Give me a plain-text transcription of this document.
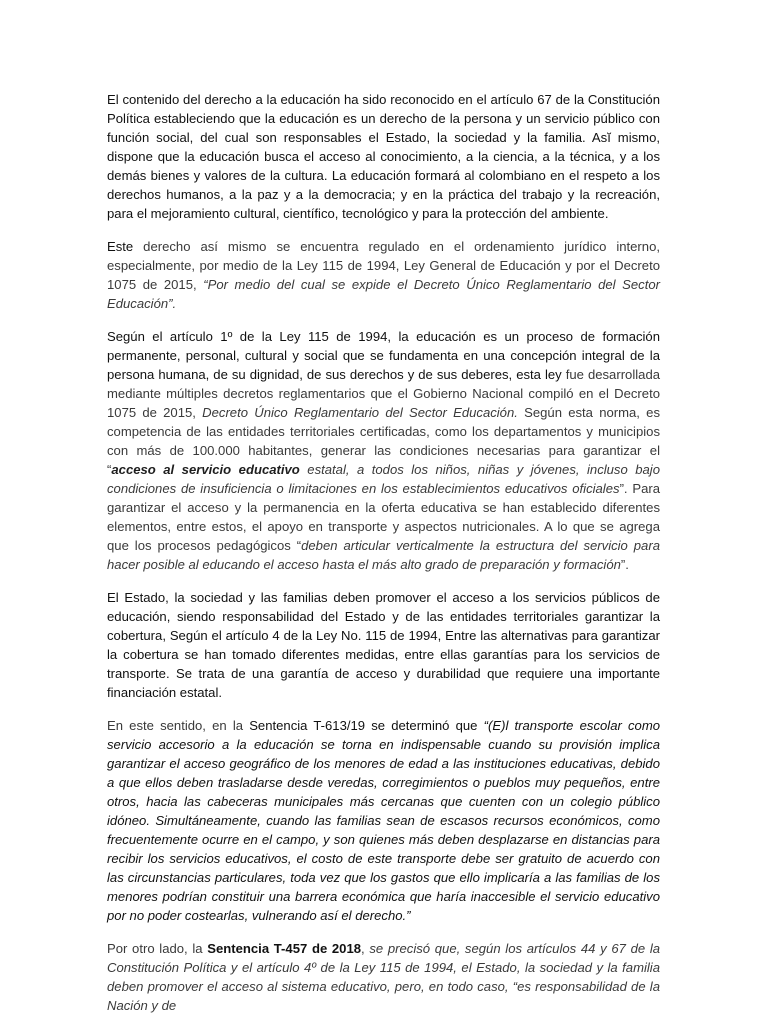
El contenido del derecho a la educación ha sido reconocido en el artículo 67 de la Constitución Política estableciendo que la educación es un derecho de la persona y un servicio público con función social, del cual son responsables el Estado, la sociedad y la familia. Asĭ mismo, dispone que la educación busca el acceso al conocimiento, a la ciencia, a la técnica, y a los demás bienes y valores de la cultura. La educación formará al colombiano en el respeto a los derechos humanos, a la paz y a la democracia; y en la práctica del trabajo y la recreación, para el mejoramiento cultural, científico, tecnológico y para la protección del ambiente.

Este derecho así mismo se encuentra regulado en el ordenamiento jurídico interno, especialmente, por medio de la Ley 115 de 1994, Ley General de Educación y por el Decreto 1075 de 2015, “Por medio del cual se expide el Decreto Único Reglamentario del Sector Educación”.

Según el artículo 1º de la Ley 115 de 1994, la educación es un proceso de formación permanente, personal, cultural y social que se fundamenta en una concepción integral de la persona humana, de su dignidad, de sus derechos y de sus deberes, esta ley fue desarrollada mediante múltiples decretos reglamentarios que el Gobierno Nacional compiló en el Decreto 1075 de 2015, Decreto Único Reglamentario del Sector Educación. Según esta norma, es competencia de las entidades territoriales certificadas, como los departamentos y municipios con más de 100.000 habitantes, generar las condiciones necesarias para garantizar el “acceso al servicio educativo estatal, a todos los niños, niñas y jóvenes, incluso bajo condiciones de insuficiencia o limitaciones en los establecimientos educativos oficiales”. Para garantizar el acceso y la permanencia en la oferta educativa se han establecido diferentes elementos, entre estos, el apoyo en transporte y aspectos nutricionales. A lo que se agrega que los procesos pedagógicos “deben articular verticalmente la estructura del servicio para hacer posible al educando el acceso hasta el más alto grado de preparación y formación”.

El Estado, la sociedad y las familias deben promover el acceso a los servicios públicos de educación, siendo responsabilidad del Estado y de las entidades territoriales garantizar la cobertura, Según el artículo 4 de la Ley No. 115 de 1994, Entre las alternativas para garantizar la cobertura se han tomado diferentes medidas, entre ellas garantías para los servicios de transporte. Se trata de una garantía de acceso y durabilidad que requiere una importante financiación estatal.

En este sentido, en la Sentencia T-613/19 se determinó que “(E)l transporte escolar como servicio accesorio a la educación se torna en indispensable cuando su provisión implica garantizar el acceso geográfico de los menores de edad a las instituciones educativas, debido a que ellos deben trasladarse desde veredas, corregimientos o pueblos muy pequeños, entre otros, hacia las cabeceras municipales más cercanas que cuenten con un colegio público idóneo. Simultáneamente, cuando las familias sean de escasos recursos económicos, como frecuentemente ocurre en el campo, y son quienes más deben desplazarse en distancias para recibir los servicios educativos, el costo de este transporte debe ser gratuito de acuerdo con las circunstancias particulares, toda vez que los gastos que ello implicaría a las familias de los menores podrían constituir una barrera económica que haría inaccesible el servicio educativo por no poder costearlas, vulnerando así el derecho.”

Por otro lado, la Sentencia T-457 de 2018, se precisó que, según los artículos 44 y 67 de la Constitución Política y el artículo 4º de la Ley 115 de 1994, el Estado, la sociedad y la familia deben promover el acceso al sistema educativo, pero, en todo caso, “es responsabilidad de la Nación y de
